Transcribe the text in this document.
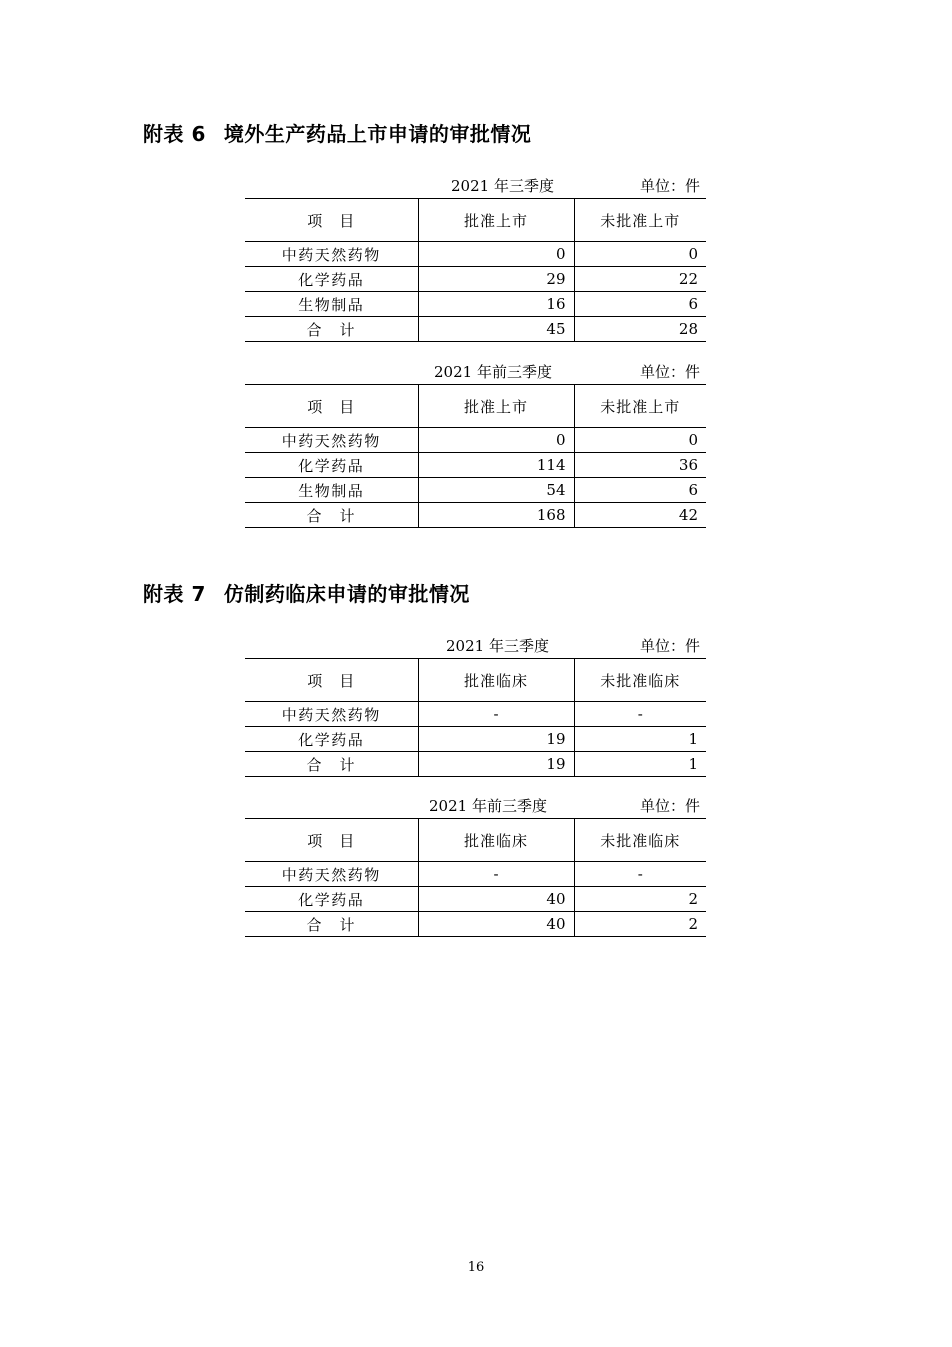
附表 6 境外生产药品上市申请的审批情况
2021 年三季度	单位：件
项　目	批准上市	未批准上市
中药天然药物	0	0
化学药品	29	22
生物制品	16	6
合　计	45	28
2021 年前三季度	单位：件
项　目	批准上市	未批准上市
中药天然药物	0	0
化学药品	114	36
生物制品	54	6
合　计	168	42
附表 7 仿制药临床申请的审批情况
2021 年三季度	单位：件
项　目	批准临床	未批准临床
中药天然药物	-	-
化学药品	19	1
合　计	19	1
2021 年前三季度	单位：件
项　目	批准临床	未批准临床
中药天然药物	-	-
化学药品	40	2
合　计	40	2
16
